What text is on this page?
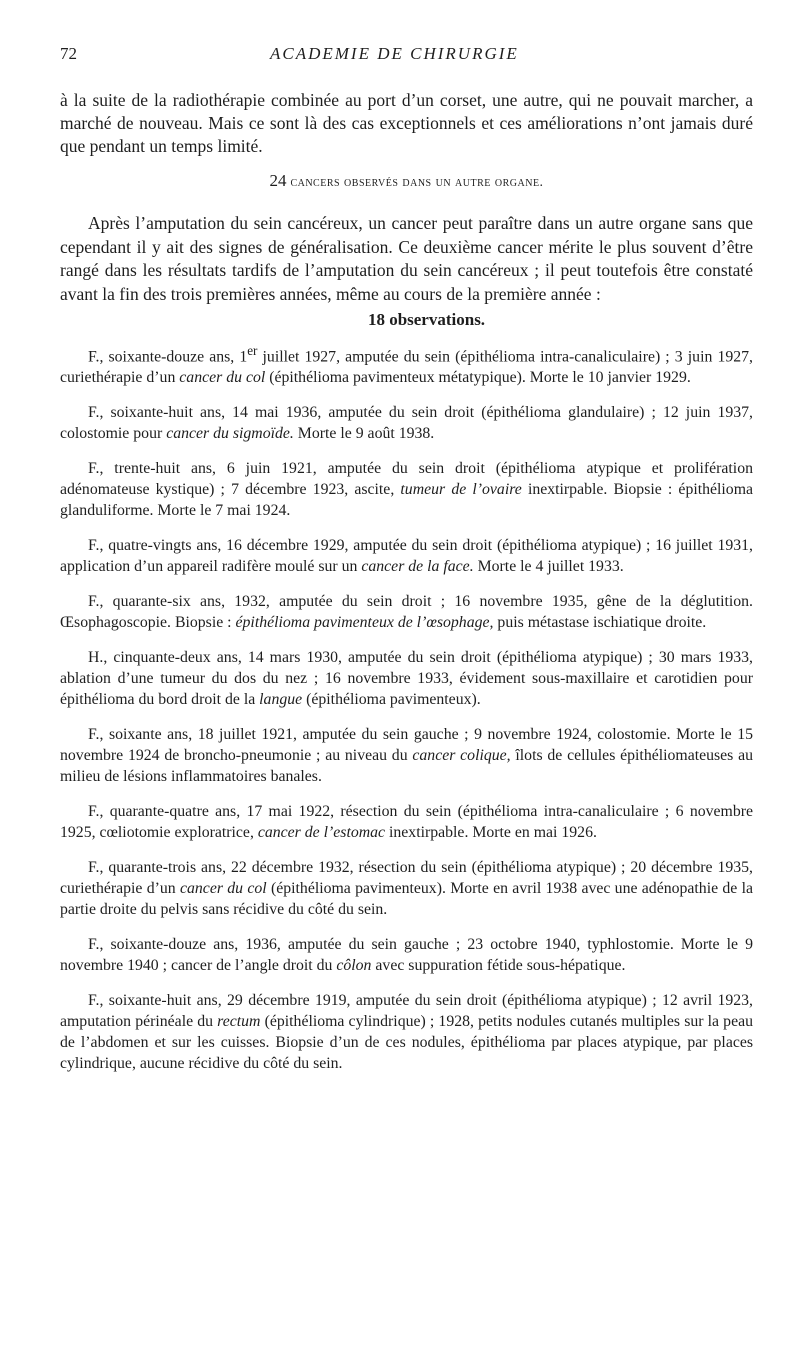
72	ACADEMIE DE CHIRURGIE

à la suite de la radiothérapie combinée au port d’un corset, une autre, qui ne pouvait marcher, a marché de nouveau. Mais ce sont là des cas exceptionnels et ces améliorations n’ont jamais duré que pendant un temps limité.

24 cancers observés dans un autre organe.

Après l’amputation du sein cancéreux, un cancer peut paraître dans un autre organe sans que cependant il y ait des signes de généralisation. Ce deuxième cancer mérite le plus souvent d’être rangé dans les résultats tardifs de l’amputation du sein cancéreux ; il peut toutefois être constaté avant la fin des trois premières années, même au cours de la première année :

18 observations.

F., soixante-douze ans, 1er juillet 1927, amputée du sein (épithélioma intra-canaliculaire) ; 3 juin 1927, curiethérapie d’un cancer du col (épithélioma pavimenteux métatypique). Morte le 10 janvier 1929.

F., soixante-huit ans, 14 mai 1936, amputée du sein droit (épithélioma glandulaire) ; 12 juin 1937, colostomie pour cancer du sigmoïde. Morte le 9 août 1938.

F., trente-huit ans, 6 juin 1921, amputée du sein droit (épithélioma atypique et prolifération adénomateuse kystique) ; 7 décembre 1923, ascite, tumeur de l’ovaire inextirpable. Biopsie : épithélioma glanduliforme. Morte le 7 mai 1924.

F., quatre-vingts ans, 16 décembre 1929, amputée du sein droit (épithélioma atypique) ; 16 juillet 1931, application d’un appareil radifère moulé sur un cancer de la face. Morte le 4 juillet 1933.

F., quarante-six ans, 1932, amputée du sein droit ; 16 novembre 1935, gêne de la déglutition. Œsophagoscopie. Biopsie : épithélioma pavimenteux de l’œsophage, puis métastase ischiatique droite.

H., cinquante-deux ans, 14 mars 1930, amputée du sein droit (épithélioma atypique) ; 30 mars 1933, ablation d’une tumeur du dos du nez ; 16 novembre 1933, évidement sous-maxillaire et carotidien pour épithélioma du bord droit de la langue (épithélioma pavimenteux).

F., soixante ans, 18 juillet 1921, amputée du sein gauche ; 9 novembre 1924, colostomie. Morte le 15 novembre 1924 de broncho-pneumonie ; au niveau du cancer colique, îlots de cellules épithéliomateuses au milieu de lésions inflammatoires banales.

F., quarante-quatre ans, 17 mai 1922, résection du sein (épithélioma intra-canaliculaire ; 6 novembre 1925, cœliotomie exploratrice, cancer de l’estomac inextirpable. Morte en mai 1926.

F., quarante-trois ans, 22 décembre 1932, résection du sein (épithélioma atypique) ; 20 décembre 1935, curiethérapie d’un cancer du col (épithélioma pavimenteux). Morte en avril 1938 avec une adénopathie de la partie droite du pelvis sans récidive du côté du sein.

F., soixante-douze ans, 1936, amputée du sein gauche ; 23 octobre 1940, typhlostomie. Morte le 9 novembre 1940 ; cancer de l’angle droit du côlon avec suppuration fétide sous-hépatique.

F., soixante-huit ans, 29 décembre 1919, amputée du sein droit (épithélioma atypique) ; 12 avril 1923, amputation périnéale du rectum (épithélioma cylindrique) ; 1928, petits nodules cutanés multiples sur la peau de l’abdomen et sur les cuisses. Biopsie d’un de ces nodules, épithélioma par places atypique, par places cylindrique, aucune récidive du côté du sein.
